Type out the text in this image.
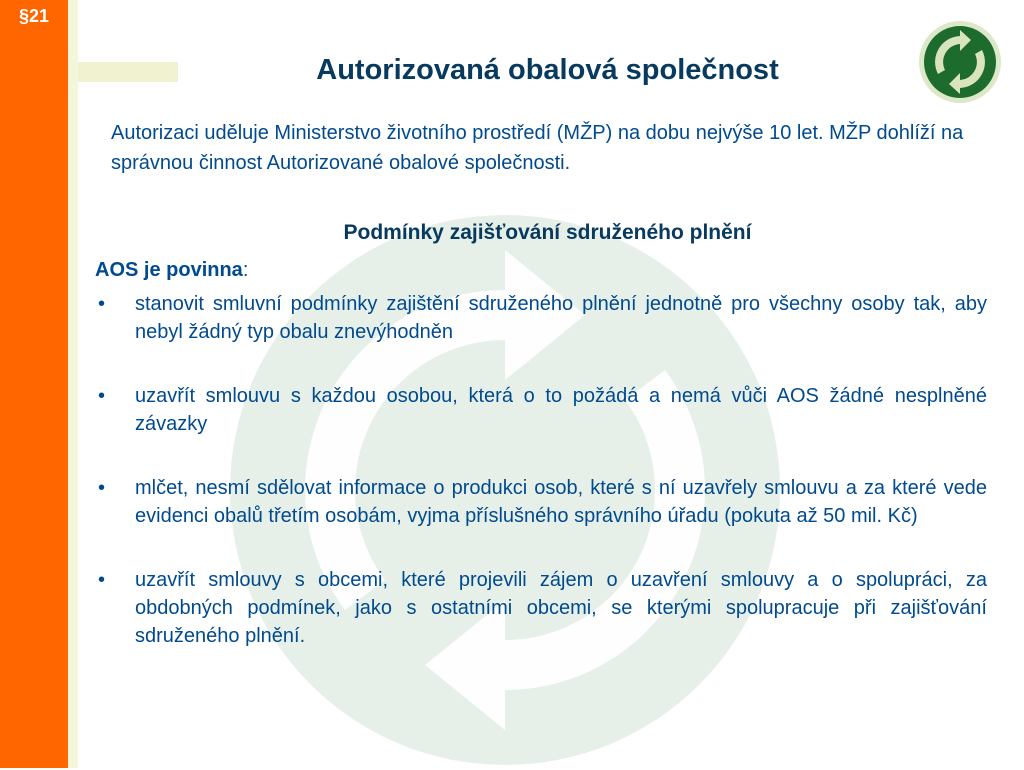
§21
Autorizovaná obalová společnost

Autorizaci uděluje Ministerstvo životního prostředí (MŽP) na dobu nejvýše 10 let. MŽP dohlíží na správnou činnost Autorizované obalové společnosti.

Podmínky zajišťování sdruženého plnění

AOS je povinna:

• stanovit smluvní podmínky zajištění sdruženého plnění jednotně pro všechny osoby tak, aby nebyl žádný typ obalu znevýhodněn
• uzavřít smlouvu s každou osobou, která o to požádá a nemá vůči AOS žádné nesplněné závazky
• mlčet, nesmí sdělovat informace o produkci osob, které s ní uzavřely smlouvu a za které vede evidenci obalů třetím osobám, vyjma příslušného správního úřadu (pokuta až 50 mil. Kč)
• uzavřít smlouvy s obcemi, které projevili zájem o uzavření smlouvy a o spolupráci, za obdobných podmínek, jako s ostatními obcemi, se kterými spolupracuje při zajišťování sdruženého plnění.
